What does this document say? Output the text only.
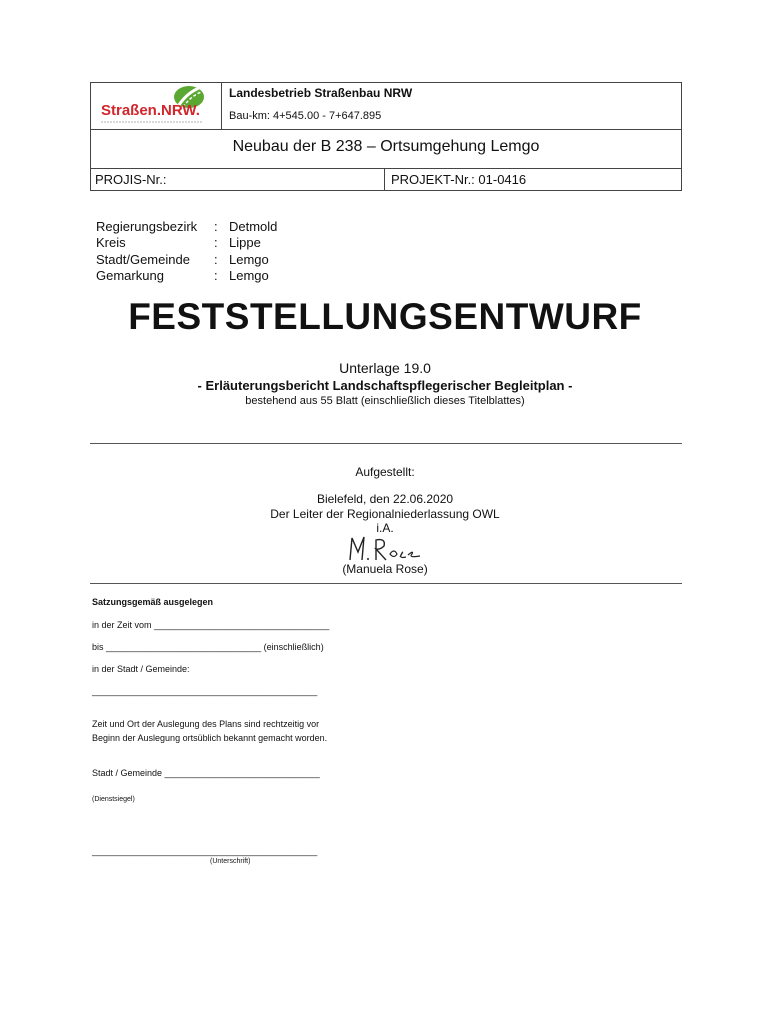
Straßen.NRW.
Landesbetrieb Straßenbau NRW
Bau-km: 4+545.00 - 7+647.895
Neubau der B 238 – Ortsumgehung Lemgo
PROJIS-Nr.:	PROJEKT-Nr.: 01-0416
Regierungsbezirk : Detmold
Kreis	: Lippe
Stadt/Gemeinde : Lemgo
Gemarkung	: Lemgo
FESTSTELLUNGSENTWURF
Unterlage 19.0
- Erläuterungsbericht Landschaftspflegerischer Begleitplan -
bestehend aus 55 Blatt (einschließlich dieses Titelblattes)
Aufgestellt:
Bielefeld, den 22.06.2020
Der Leiter der Regionalniederlassung OWL
i.A.
(Manuela Rose)
Satzungsgemäß ausgelegen
in der Zeit vom ___________________________________
bis _______________________________ (einschließlich)
in der Stadt / Gemeinde:
_____________________________________________
Zeit und Ort der Auslegung des Plans sind rechtzeitig vor
Beginn der Auslegung ortsüblich bekannt gemacht worden.
Stadt / Gemeinde _______________________________
(Dienstsiegel)
_____________________________________________
(Unterschrift)
